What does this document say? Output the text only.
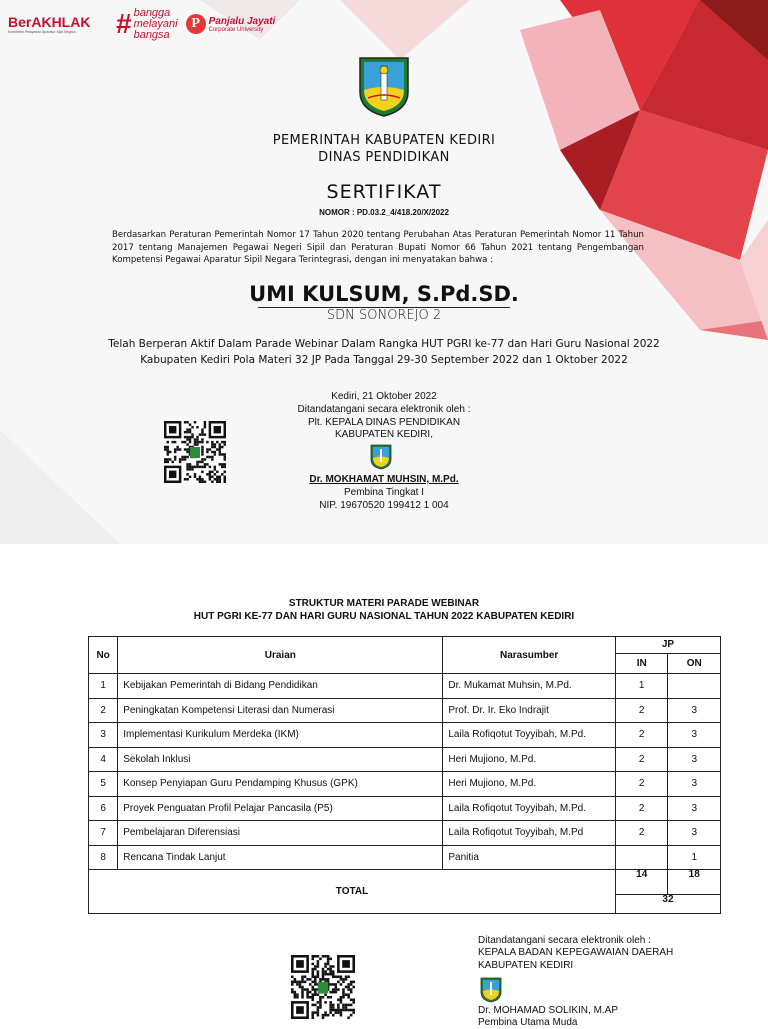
BerAKHLAK
Komitmen Pelayanan Aparatur Sipil Negara	# bangga
melayani
bangsa
P Panjalu Jayati
Corporate University
PEMERINTAH KABUPATEN KEDIRI
DINAS PENDIDIKAN
SERTIFIKAT
NOMOR : PD.03.2_4/418.20/X/2022
Berdasarkan Peraturan Pemerintah Nomor 17 Tahun 2020 tentang Perubahan Atas Peraturan Pemerintah Nomor 11 Tahun 2017 tentang Manajemen Pegawai Negeri Sipil dan Peraturan Bupati Nomor 66 Tahun 2021 tentang Pengembangan Kompetensi Pegawai Aparatur Sipil Negara Terintegrasi, dengan ini menyatakan bahwa :
UMI KULSUM, S.Pd.SD.
SDN SONOREJO 2
Telah Berperan Aktif Dalam Parade Webinar Dalam Rangka HUT PGRI ke-77 dan Hari Guru Nasional 2022
Kabupaten Kediri Pola Materi 32 JP Pada Tanggal 29-30 September 2022 dan 1 Oktober 2022
Kediri, 21 Oktober 2022
Ditandatangani secara elektronik oleh :
Plt. KEPALA DINAS PENDIDIKAN
KABUPATEN KEDIRI,
Dr. MOKHAMAT MUHSIN, M.Pd.
Pembina Tingkat I
NIP. 19670520 199412 1 004
STRUKTUR MATERI PARADE WEBINAR
HUT PGRI KE-77 DAN HARI GURU NASIONAL TAHUN 2022 KABUPATEN KEDIRI
No	Uraian	Narasumber	JP	
			IN	ON
1	Kebijakan Pemerintah di Bidang Pendidikan	Dr. Mukamat Muhsin, M.Pd.	1	
2	Peningkatan Kompetensi Literasi dan Numerasi	Prof. Dr. Ir. Eko Indrajit	2	3
3	Implementasi Kurikulum Merdeka (IKM)	Laila Rofiqotut Toyyibah, M.Pd.	2	3
4	Sekolah Inklusi	Heri Mujiono, M.Pd.	2	3
5	Konsep Penyiapan Guru Pendamping Khusus (GPK)	Heri Mujiono, M.Pd.	2	3
6	Proyek Penguatan Profil Pelajar Pancasila (P5)	Laila Rofiqotut Toyyibah, M.Pd.	2	3
7	Pembelajaran Diferensiasi	Laila Rofiqotut Toyyibah, M.Pd	2	3
8	Rencana Tindak Lanjut	Panitia		1
TOTAL			14	18
			32	
Ditandatangani secara elektronik oleh :
KEPALA BADAN KEPEGAWAIAN DAERAH
KABUPATEN KEDIRI
Dr. MOHAMAD SOLIKIN, M.AP
Pembina Utama Muda
